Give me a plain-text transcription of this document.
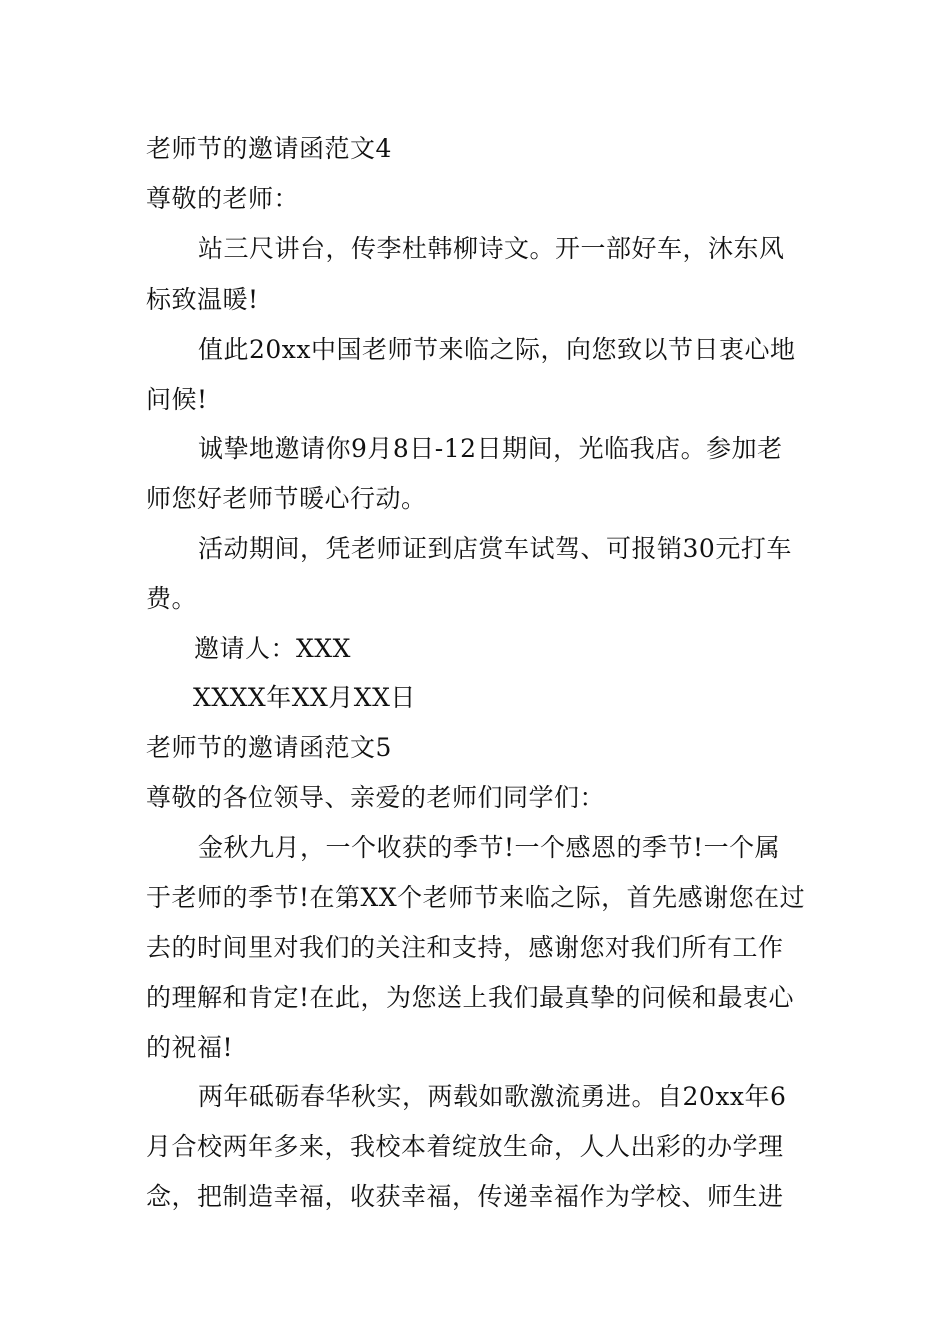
老师节的邀请函范文4
尊敬的老师：
站三尺讲台，传李杜韩柳诗文。开一部好车，沐东风
标致温暖!
值此20xx中国老师节来临之际，向您致以节日衷心地
问候!
诚挚地邀请你9月8日-12日期间，光临我店。参加老
师您好老师节暖心行动。
活动期间，凭老师证到店赏车试驾、可报销30元打车
费。
邀请人：XXX
XXXX年XX月XX日
老师节的邀请函范文5
尊敬的各位领导、亲爱的老师们同学们：
金秋九月，一个收获的季节!一个感恩的季节!一个属
于老师的季节!在第XX个老师节来临之际，首先感谢您在过
去的时间里对我们的关注和支持，感谢您对我们所有工作
的理解和肯定!在此，为您送上我们最真挚的问候和最衷心
的祝福!
两年砥砺春华秋实，两载如歌激流勇进。自20xx年6
月合校两年多来，我校本着绽放生命，人人出彩的办学理
念，把制造幸福，收获幸福，传递幸福作为学校、师生进
